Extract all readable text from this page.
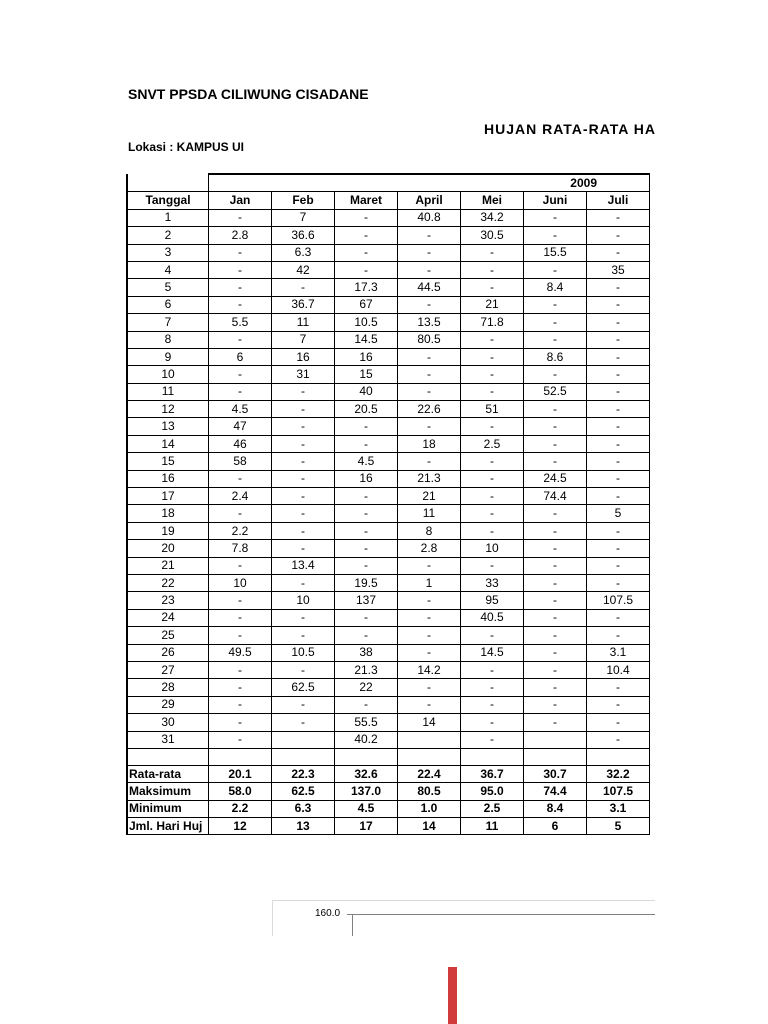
SNVT PPSDA CILIWUNG CISADANE
HUJAN RATA-RATA HA
Lokasi : KAMPUS UI
	2009						
Tanggal	Jan	Feb	Maret	April	Mei	Juni	Juli
1	-	7	-	40.8	34.2	-	-
2	2.8	36.6	-	-	30.5	-	-
3	-	6.3	-	-	-	15.5	-
4	-	42	-	-	-	-	35
5	-	-	17.3	44.5	-	8.4	-
6	-	36.7	67	-	21	-	-
7	5.5	11	10.5	13.5	71.8	-	-
8	-	7	14.5	80.5	-	-	-
9	6	16	16	-	-	8.6	-
10	-	31	15	-	-	-	-
11	-	-	40	-	-	52.5	-
12	4.5	-	20.5	22.6	51	-	-
13	47	-	-	-	-	-	-
14	46	-	-	18	2.5	-	-
15	58	-	4.5	-	-	-	-
16	-	-	16	21.3	-	24.5	-
17	2.4	-	-	21	-	74.4	-
18	-	-	-	11	-	-	5
19	2.2	-	-	8	-	-	-
20	7.8	-	-	2.8	10	-	-
21	-	13.4	-	-	-	-	-
22	10	-	19.5	1	33	-	-
23	-	10	137	-	95	-	107.5
24	-	-	-	-	40.5	-	-
25	-	-	-	-	-	-	-
26	49.5	10.5	38	-	14.5	-	3.1
27	-	-	21.3	14.2	-	-	10.4
28	-	62.5	22	-	-	-	-
29	-	-	-	-	-	-	-
30	-	-	55.5	14	-	-	-
31	-		40.2		-		-

Rata-rata	20.1	22.3	32.6	22.4	36.7	30.7	32.2
Maksimum	58.0	62.5	137.0	80.5	95.0	74.4	107.5
Minimum	2.2	6.3	4.5	1.0	2.5	8.4	3.1
Jml. Hari Huj	12	13	17	14	11	6	5
160.0
